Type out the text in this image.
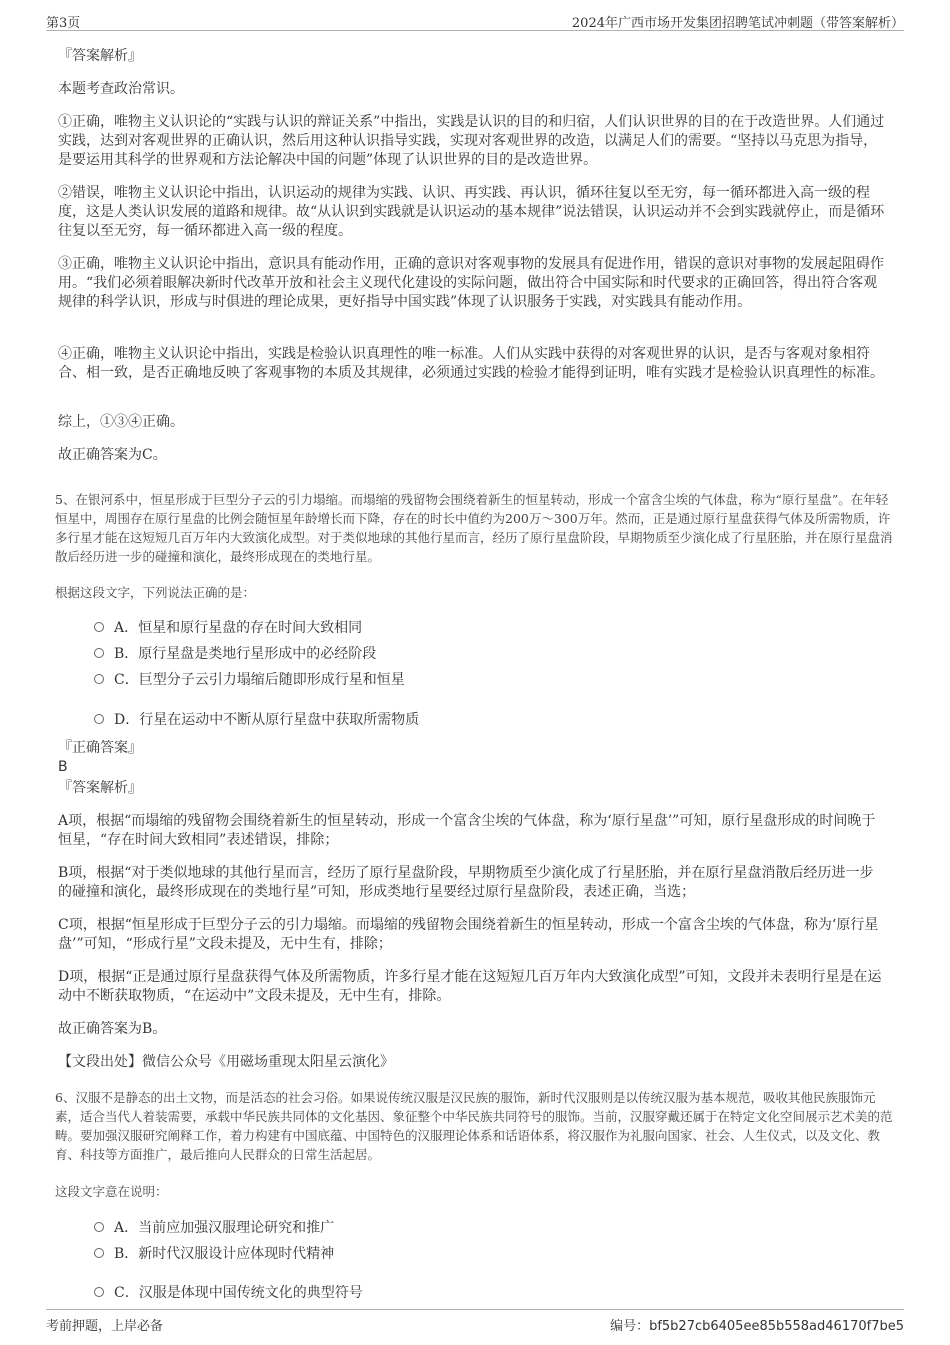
第3页	2024年广西市场开发集团招聘笔试冲刺题（带答案解析）
『答案解析』
本题考查政治常识。

①正确，唯物主义认识论的“实践与认识的辩证关系”中指出，实践是认识的目的和归宿，人们认识世界的目的在于改造世界。人们通过实践，达到对客观世界的正确认识，然后用这种认识指导实践，实现对客观世界的改造，以满足人们的需要。“坚持以马克思为指导，是要运用其科学的世界观和方法论解决中国的问题”体现了认识世界的目的是改造世界。

②错误，唯物主义认识论中指出，认识运动的规律为实践、认识、再实践、再认识，循环往复以至无穷，每一循环都进入高一级的程度，这是人类认识发展的道路和规律。故“从认识到实践就是认识运动的基本规律”说法错误，认识运动并不会到实践就停止，而是循环往复以至无穷，每一循环都进入高一级的程度。

③正确，唯物主义认识论中指出，意识具有能动作用，正确的意识对客观事物的发展具有促进作用，错误的意识对事物的发展起阻碍作用。“我们必须着眼解决新时代改革开放和社会主义现代化建设的实际问题，做出符合中国实际和时代要求的正确回答，得出符合客观规律的科学认识，形成与时俱进的理论成果，更好指导中国实践”体现了认识服务于实践，对实践具有能动作用。

④正确，唯物主义认识论中指出，实践是检验认识真理性的唯一标准。人们从实践中获得的对客观世界的认识，是否与客观对象相符合、相一致，是否正确地反映了客观事物的本质及其规律，必须通过实践的检验才能得到证明，唯有实践才是检验认识真理性的标准。

综上，①③④正确。
故正确答案为C。

5、在银河系中，恒星形成于巨型分子云的引力塌缩。而塌缩的残留物会围绕着新生的恒星转动，形成一个富含尘埃的气体盘，称为“原行星盘”。在年轻恒星中，周围存在原行星盘的比例会随恒星年龄增长而下降，存在的时长中值约为200万～300万年。然而，正是通过原行星盘获得气体及所需物质，许多行星才能在这短短几百万年内大致演化成型。对于类似地球的其他行星而言，经历了原行星盘阶段，早期物质至少演化成了行星胚胎，并在原行星盘消散后经历进一步的碰撞和演化，最终形成现在的类地行星。

根据这段文字，下列说法正确的是：
A．恒星和原行星盘的存在时间大致相同
B．原行星盘是类地行星形成中的必经阶段
C．巨型分子云引力塌缩后随即形成行星和恒星
D．行星在运动中不断从原行星盘中获取所需物质
『正确答案』
B
『答案解析』

A项，根据“而塌缩的残留物会围绕着新生的恒星转动，形成一个富含尘埃的气体盘，称为‘原行星盘’”可知，原行星盘形成的时间晚于恒星，“存在时间大致相同”表述错误，排除；

B项，根据“对于类似地球的其他行星而言，经历了原行星盘阶段，早期物质至少演化成了行星胚胎，并在原行星盘消散后经历进一步的碰撞和演化，最终形成现在的类地行星”可知，形成类地行星要经过原行星盘阶段，表述正确，当选；

C项，根据“恒星形成于巨型分子云的引力塌缩。而塌缩的残留物会围绕着新生的恒星转动，形成一个富含尘埃的气体盘，称为‘原行星盘’”可知，“形成行星”文段未提及，无中生有，排除；

D项，根据“正是通过原行星盘获得气体及所需物质，许多行星才能在这短短几百万年内大致演化成型”可知，文段并未表明行星是在运动中不断获取物质，“在运动中”文段未提及，无中生有，排除。

故正确答案为B。
【文段出处】微信公众号《用磁场重现太阳星云演化》

6、汉服不是静态的出土文物，而是活态的社会习俗。如果说传统汉服是汉民族的服饰，新时代汉服则是以传统汉服为基本规范，吸收其他民族服饰元素，适合当代人着装需要，承载中华民族共同体的文化基因、象征整个中华民族共同符号的服饰。当前，汉服穿戴还属于在特定文化空间展示艺术美的范畴。要加强汉服研究阐释工作，着力构建有中国底蕴、中国特色的汉服理论体系和话语体系，将汉服作为礼服向国家、社会、人生仪式，以及文化、教育、科技等方面推广，最后推向人民群众的日常生活起居。

这段文字意在说明：
A．当前应加强汉服理论研究和推广
B．新时代汉服设计应体现时代精神
C．汉服是体现中国传统文化的典型符号
考前押题，上岸必备	编号：bf5b27cb6405ee85b558ad46170f7be5
